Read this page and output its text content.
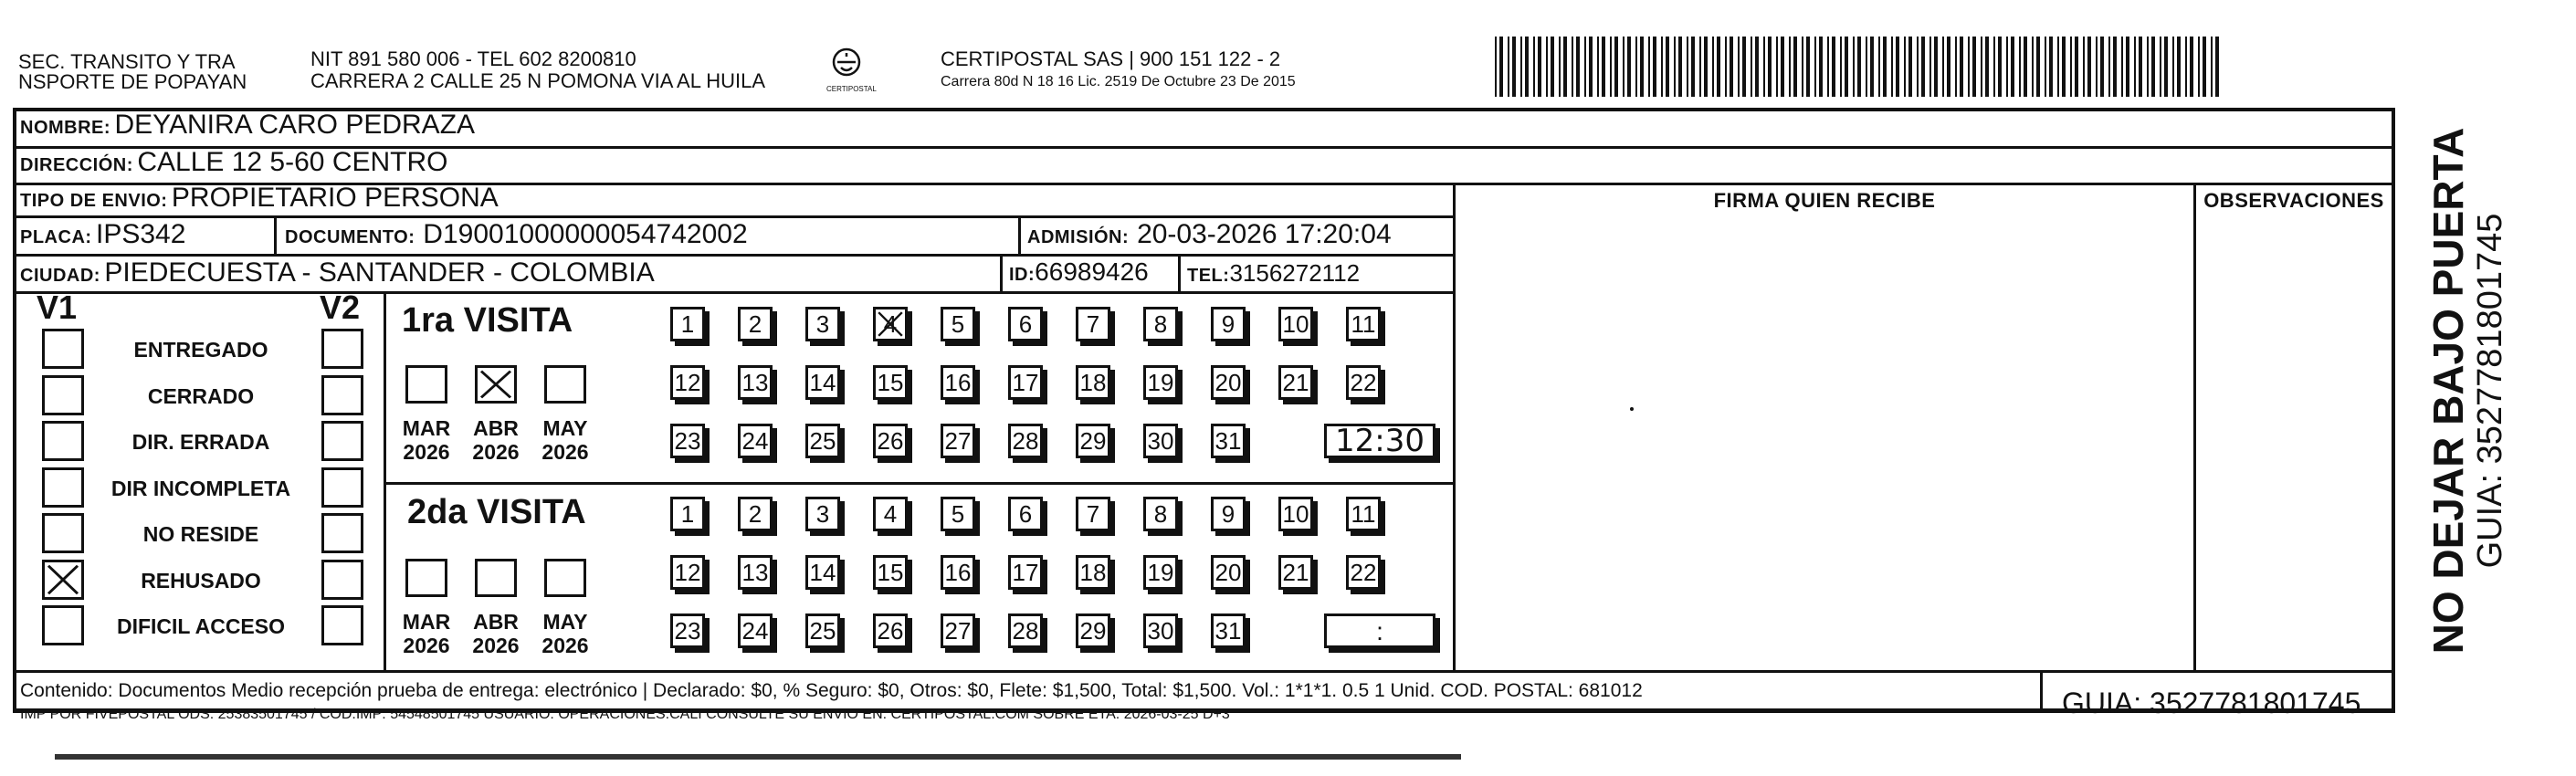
SEC. TRANSITO Y TRA
NSPORTE DE POPAYAN
NIT 891 580 006 - TEL 602 8200810
CARRERA 2 CALLE 25 N POMONA VIA AL HUILA	CERTIPOSTAL
CERTIPOSTAL SAS | 900 151 122 - 2
Carrera 80d N 18 16 Lic. 2519 De Octubre 23 De 2015
NOMBRE: DEYANIRA CARO PEDRAZA
DIRECCIÓN: CALLE 12 5-60 CENTRO
TIPO DE ENVIO: PROPIETARIO PERSONA
PLACA: IPS342	DOCUMENTO: D19001000000054742002	ADMISIÓN: 20-03-2026 17:20:04
CIUDAD: PIEDECUESTA - SANTANDER - COLOMBIA	ID:66989426 TEL:3156272112
FIRMA QUIEN RECIBE	OBSERVACIONES
V1	V2
ENTREGADO
CERRADO
DIR. ERRADA
DIR INCOMPLETA
NO RESIDE
REHUSADO
DIFICIL ACCESO
1ra VISITA
MAR
2026
ABR
2026
MAY
2026
1	2	3	4	5	6	7	8	9	10 11
12 13 14 15 16 17 18 19 20 21 22
23 24 25 26 27 28 29 30 31	12:30
2da VISITA
MAR
2026
ABR
2026
MAY
2026
1	2	3	4	5	6	7	8	9	10 11
12 13 14 15 16 17 18 19 20 21 22
23 24 25 26 27 28 29 30 31	:
Contenido: Documentos Medio recepción prueba de entrega: electrónico | Declarado: $0, % Seguro: $0, Otros: $0, Flete: $1,500, Total: $1,500. Vol.: 1*1*1. 0.5 1 Unid. COD. POSTAL: 681012
IMP POR FIVEPOSTAL ODS: 25383501745 / COD.IMP: 54548501745 USUARIO: OPERACIONES.CALI CONSULTE SU ENVIO EN: CERTIPOSTAL.COM SOBRE ETA: 2026-03-25 D+3	GUIA: 3527781801745
NO DEJAR BAJO PUERTA GUIA: 3527781801745
